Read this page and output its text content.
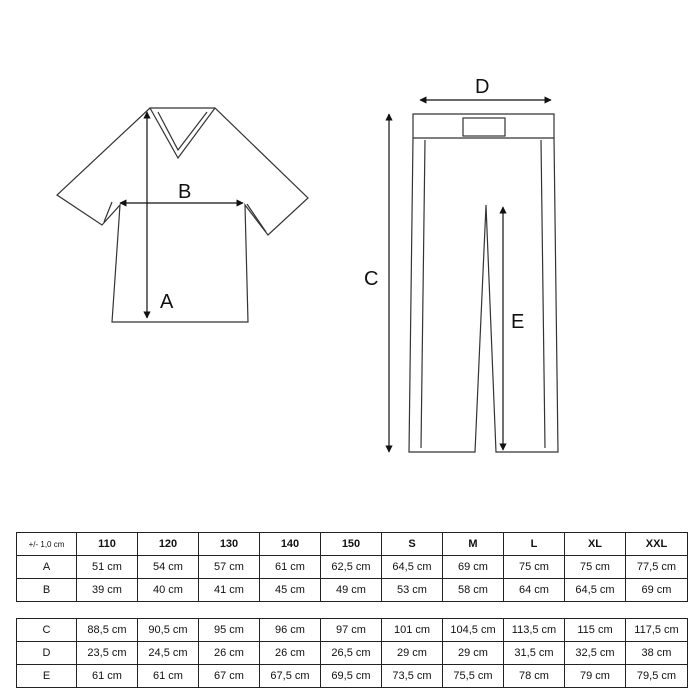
A
B
C
D
E
+/- 1,0 cm	110	120	130	140	150	S	M	L	XL	XXL
A	51 cm	54 cm	57 cm	61 cm	62,5 cm	64,5 cm	69 cm	75 cm	75 cm	77,5 cm
B	39 cm	40 cm	41 cm	45 cm	49 cm	53 cm	58 cm	64 cm	64,5 cm	69 cm
C	88,5 cm	90,5 cm	95 cm	96 cm	97 cm	101 cm	104,5 cm	113,5 cm	115 cm	117,5 cm
D	23,5 cm	24,5 cm	26 cm	26 cm	26,5 cm	29 cm	29 cm	31,5 cm	32,5 cm	38 cm
E	61 cm	61 cm	67 cm	67,5 cm	69,5 cm	73,5 cm	75,5 cm	78 cm	79 cm	79,5 cm
